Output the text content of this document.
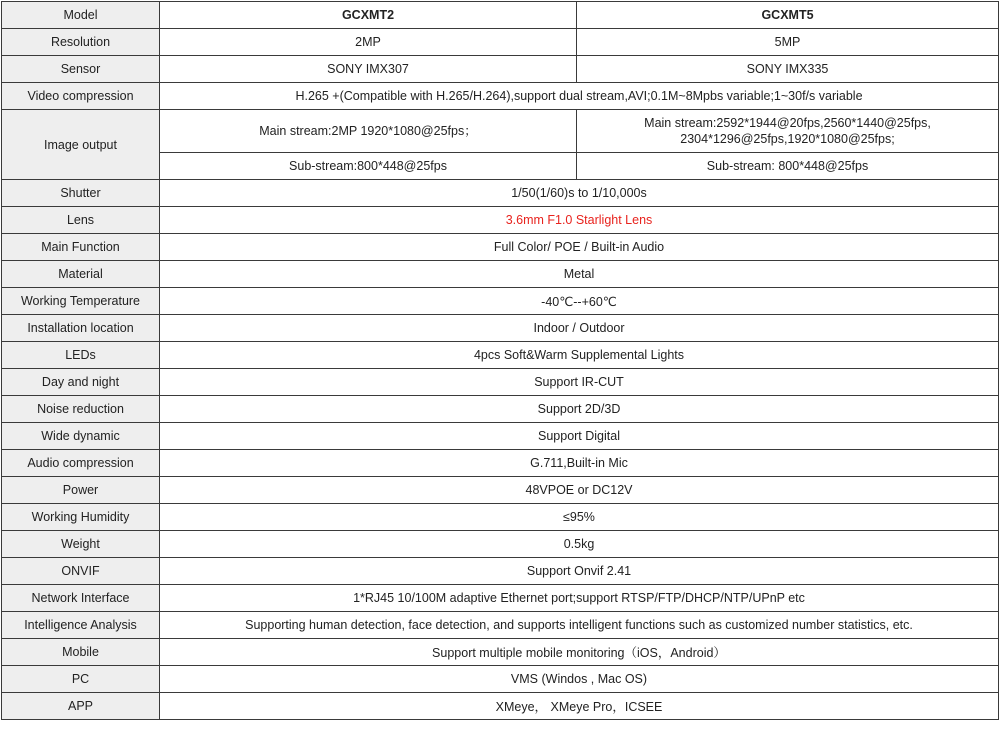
Model	GCXMT2	GCXMT5
Resolution	2MP	5MP
Sensor	SONY IMX307	SONY IMX335
Video compression	H.265 +(Compatible with H.265/H.264),support dual stream,AVI;0.1M~8Mpbs variable;1~30f/s variable	
Image output	Main stream:2MP 1920*1080@25fps；	Main stream:2592*1944@20fps,2560*1440@25fps, 2304*1296@25fps,1920*1080@25fps;
	Sub-stream:800*448@25fps	Sub-stream: 800*448@25fps
Shutter	1/50(1/60)s to 1/10,000s	
Lens	3.6mm F1.0 Starlight Lens	
Main Function	Full Color/ POE / Built-in Audio	
Material	Metal	
Working Temperature	-40℃--+60℃	
Installation location	Indoor / Outdoor	
LEDs	4pcs Soft&Warm Supplemental Lights	
Day and night	Support IR-CUT	
Noise reduction	Support 2D/3D	
Wide dynamic	Support Digital	
Audio compression	G.711,Built-in Mic	
Power	48VPOE or DC12V	
Working Humidity	≤95%	
Weight	0.5kg	
ONVIF	Support Onvif 2.41	
Network Interface	1*RJ45 10/100M adaptive Ethernet port;support RTSP/FTP/DHCP/NTP/UPnP etc	
Intelligence Analysis	Supporting human detection, face detection, and supports intelligent functions such as customized number statistics, etc.	
Mobile	Support multiple mobile monitoring（iOS，Android）	
PC	VMS (Windos , Mac OS)	
APP	XMeye， XMeye Pro，ICSEE	
